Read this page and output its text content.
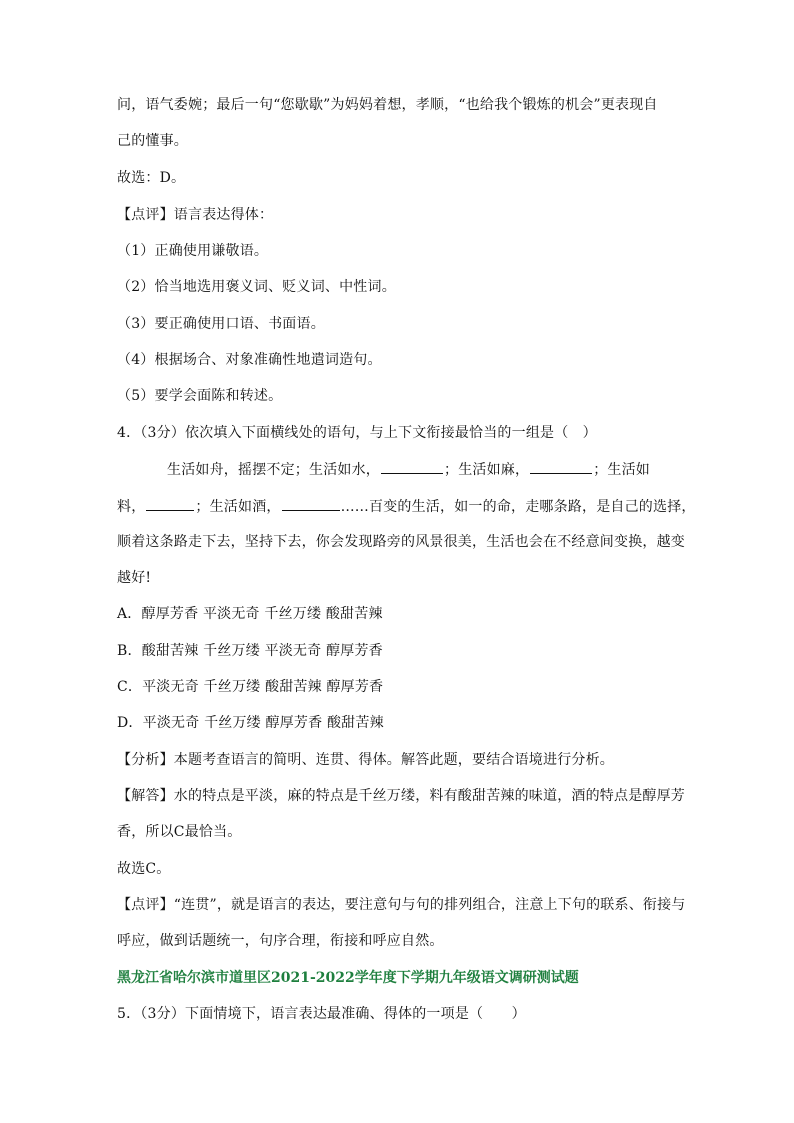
问，语气委婉；最后一句“您歇歇”为妈妈着想，孝顺，“也给我个锻炼的机会”更表现自
己的懂事。
故选：D。
【点评】语言表达得体：
（1）正确使用谦敬语。
（2）恰当地选用褒义词、贬义词、中性词。
（3）要正确使用口语、书面语。
（4）根据场合、对象准确性地遣词造句。
（5）要学会面陈和转述。
4．（3分）依次填入下面横线处的语句，与上下文衔接最恰当的一组是（　）
生活如舟，摇摆不定；生活如水，	；生活如麻，	；生活如
料，	；生活如酒，	……百变的生活，如一的命，走哪条路，是自己的选择，
顺着这条路走下去，坚持下去，你会发现路旁的风景很美，生活也会在不经意间变换，越变
越好!
A．醇厚芳香 平淡无奇 千丝万缕 酸甜苦辣
B．酸甜苦辣 千丝万缕 平淡无奇 醇厚芳香
C．平淡无奇 千丝万缕 酸甜苦辣 醇厚芳香
D．平淡无奇 千丝万缕 醇厚芳香 酸甜苦辣
【分析】本题考查语言的简明、连贯、得体。解答此题，要结合语境进行分析。
【解答】水的特点是平淡，麻的特点是千丝万缕，料有酸甜苦辣的味道，酒的特点是醇厚芳
香，所以C最恰当。
故选C。
【点评】“连贯”，就是语言的表达，要注意句与句的排列组合，注意上下句的联系、衔接与
呼应，做到话题统一，句序合理，衔接和呼应自然。
黑龙江省哈尔滨市道里区2021-2022学年度下学期九年级语文调研测试题
5．（3分）下面情境下，语言表达最准确、得体的一项是（　　）
